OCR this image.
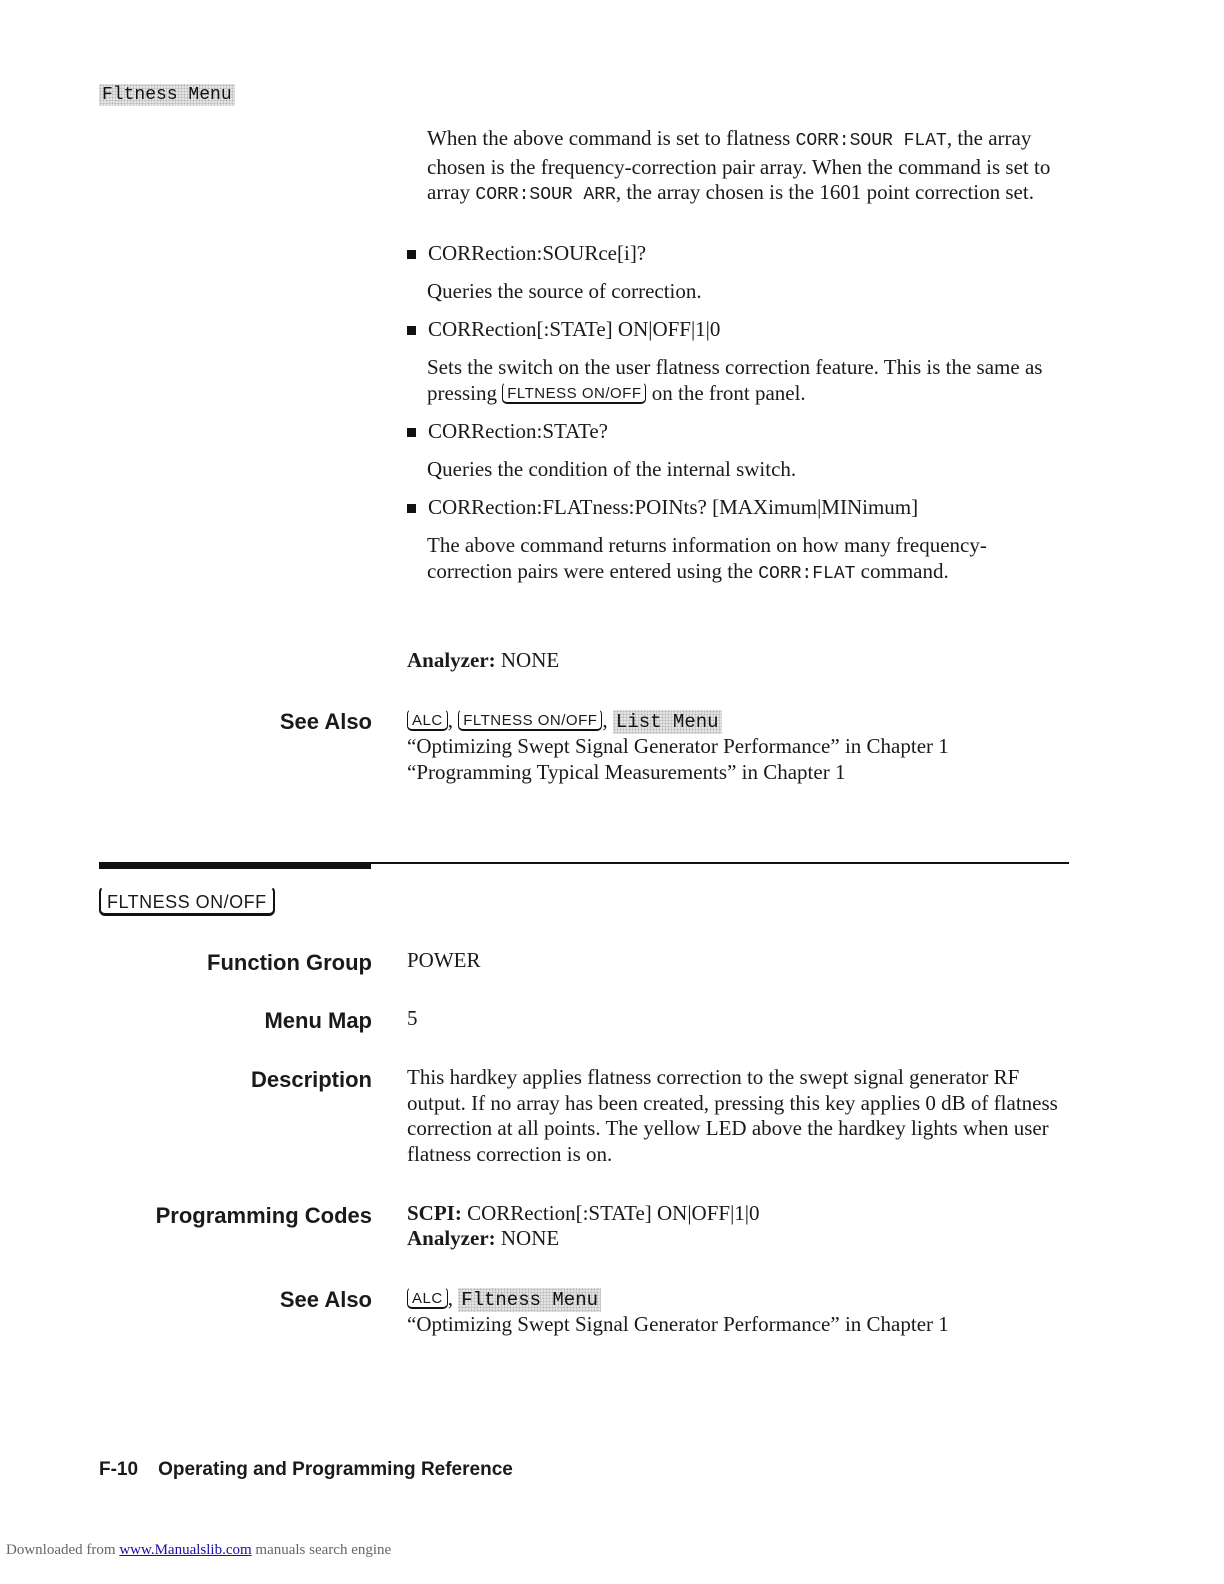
Fltness Menu
When the above command is set to flatness CORR:SOUR FLAT, the array chosen is the frequency-correction pair array. When the command is set to array CORR:SOUR ARR, the array chosen is the 1601 point correction set.
CORRection:SOURce[i]?
Queries the source of correction.
CORRection[:STATe] ON|OFF|1|0
Sets the switch on the user flatness correction feature. This is the same as pressing FLTNESS ON/OFF on the front panel.
CORRection:STATe?
Queries the condition of the internal switch.
CORRection:FLATness:POINts? [MAXimum|MINimum]
The above command returns information on how many frequency-correction pairs were entered using the CORR:FLAT command.
Analyzer: NONE
See Also	ALC , FLTNESS ON/OFF , List Menu
“Optimizing Swept Signal Generator Performance” in Chapter 1
“Programming Typical Measurements” in Chapter 1
FLTNESS ON/OFF
Function Group POWER
Menu Map 5
Description This hardkey applies flatness correction to the swept signal generator RF output. If no array has been created, pressing this key applies 0 dB of flatness correction at all points. The yellow LED above the hardkey lights when user flatness correction is on.
Programming Codes SCPI: CORRection[:STATe] ON|OFF|1|0
Analyzer: NONE
See Also	ALC , Fltness Menu
“Optimizing Swept Signal Generator Performance” in Chapter 1
F-10 Operating and Programming Reference
Downloaded from www.Manualslib.com manuals search engine
